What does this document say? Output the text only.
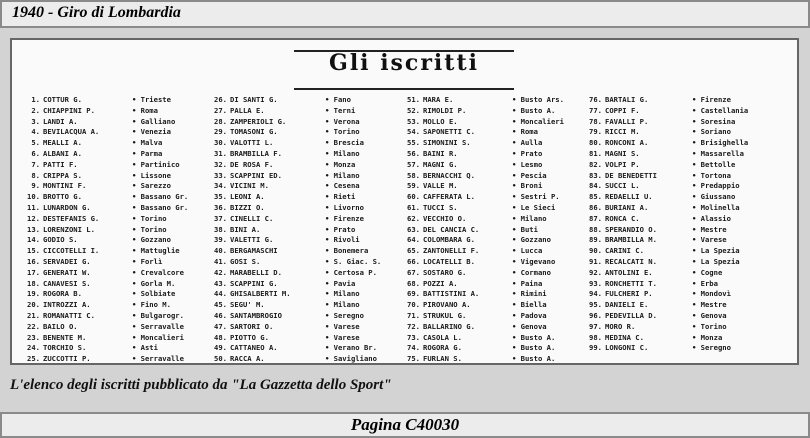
1940 - Giro di Lombardia
Gli iscritti
1. COTTUR G.	• Trieste
2. CHIAPPINI P.	• Roma
3. LANDI A.	• Galliano
4. BEVILACQUA A.	• Venezia
5. MEALLI A.	• Malva
6. ALBANI A.	• Parma
7. PATTI F.	• Partinico
8. CRIPPA S.	• Lissone
9. MONTINI F.	• Sarezzo
10. BROTTO G.	• Bassano Gr.
11. LUNARDON G.	• Bassano Gr.
12. DESTEFANIS G.	• Torino
13. LORENZONI L.	• Torino
14. GODIO S.	• Gozzano
15. CICCOTELLI I.	• Mattuglie
16. SERVADEI G.	• Forlì
17. GENERATI W.	• Crevalcore
18. CANAVESI S.	• Gorla M.
19. ROGORA B.	• Solbiate
20. INTROZZI A.	• Fino M.
21. ROMANATTI C.	• Bulgarogr.
22. BAILO O.	• Serravalle
23. BENENTE M.	• Moncalieri
24. TORCHIO S.	• Asti
25. ZUCCOTTI P.	• Serravalle
26. DI SANTI G.	• Fano
27. PALLA E.	• Terni
28. ZAMPERIOLI G.	• Verona
29. TOMASONI G.	• Torino
30. VALOTTI L.	• Brescia
31. BRAMBILLA F.	• Milano
32. DE ROSA F.	• Monza
33. SCAPPINI ED.	• Milano
34. VICINI M.	• Cesena
35. LEONI A.	• Rieti
36. BIZZI O.	• Livorno
37. CINELLI C.	• Firenze
38. BINI A.	• Prato
39. VALETTI G.	• Rivoli
40. BERGAMASCHI	• Bonemera
41. GOSI S.	• S. Giac. S.
42. MARABELLI D.	• Certosa P.
43. SCAPPINI G.	• Pavia
44. GHISALBERTI M.	• Milano
45. SEGU' M.	• Milano
46. SANTAMBROGIO	• Seregno
47. SARTORI O.	• Varese
48. PIOTTO G.	• Varese
49. CATTANEO A.	• Verano Br.
50. RACCA A.	• Savigliano
51. MARA E.	• Busto Ars.
52. RIMOLDI P.	• Busto A.
53. MOLLO E.	• Moncalieri
54. SAPONETTI C.	• Roma
55. SIMONINI S.	• Aulla
56. BAINI R.	• Prato
57. MAGNI G.	• Lesmo
58. BERNACCHI Q.	• Pescia
59. VALLE M.	• Broni
60. CAFFERATA L.	• Sestri P.
61. TUCCI S.	• Le Sieci
62. VECCHIO O.	• Milano
63. DEL CANCIA C.	• Buti
64. COLOMBARA G.	• Gozzano
65. ZANTONELLI F.	• Lucca
66. LOCATELLI B.	• Vigevano
67. SOSTARO G.	• Cormano
68. POZZI A.	• Paina
69. BATTISTINI A.	• Rimini
70. PIROVANO A.	• Biella
71. STRUKUL G.	• Padova
72. BALLARINO G.	• Genova
73. CASOLA L.	• Busto A.
74. ROGORA G.	• Busto A.
75. FURLAN S.	• Busto A.
76. BARTALI G.	• Firenze
77. COPPI F.	• Castellania
78. FAVALLI P.	• Soresina
79. RICCI M.	• Soriano
80. RONCONI A.	• Brisighella
81. MAGNI S.	• Massarella
82. VOLPI P.	• Bettolle
83. DE BENEDETTI	• Tortona
84. SUCCI L.	• Predappio
85. REDAELLI U.	• Giussano
86. BURIANI A.	• Molinella
87. RONCA C.	• Alassio
88. SPERANDIO O.	• Mestre
89. BRAMBILLA M.	• Varese
90. CARINI C.	• La Spezia
91. RECALCATI N.	• La Spezia
92. ANTOLINI E.	• Cogne
93. RONCHETTI T.	• Erba
94. FULCHERI P.	• Mondovì
95. DANIELI E.	• Mestre
96. PEDEVILLA D.	• Genova
97. MORO R.	• Torino
98. MEDINA C.	• Monza
99. LONGONI C.	• Seregno
L'elenco degli iscritti pubblicato da "La Gazzetta dello Sport"
Pagina C40030
